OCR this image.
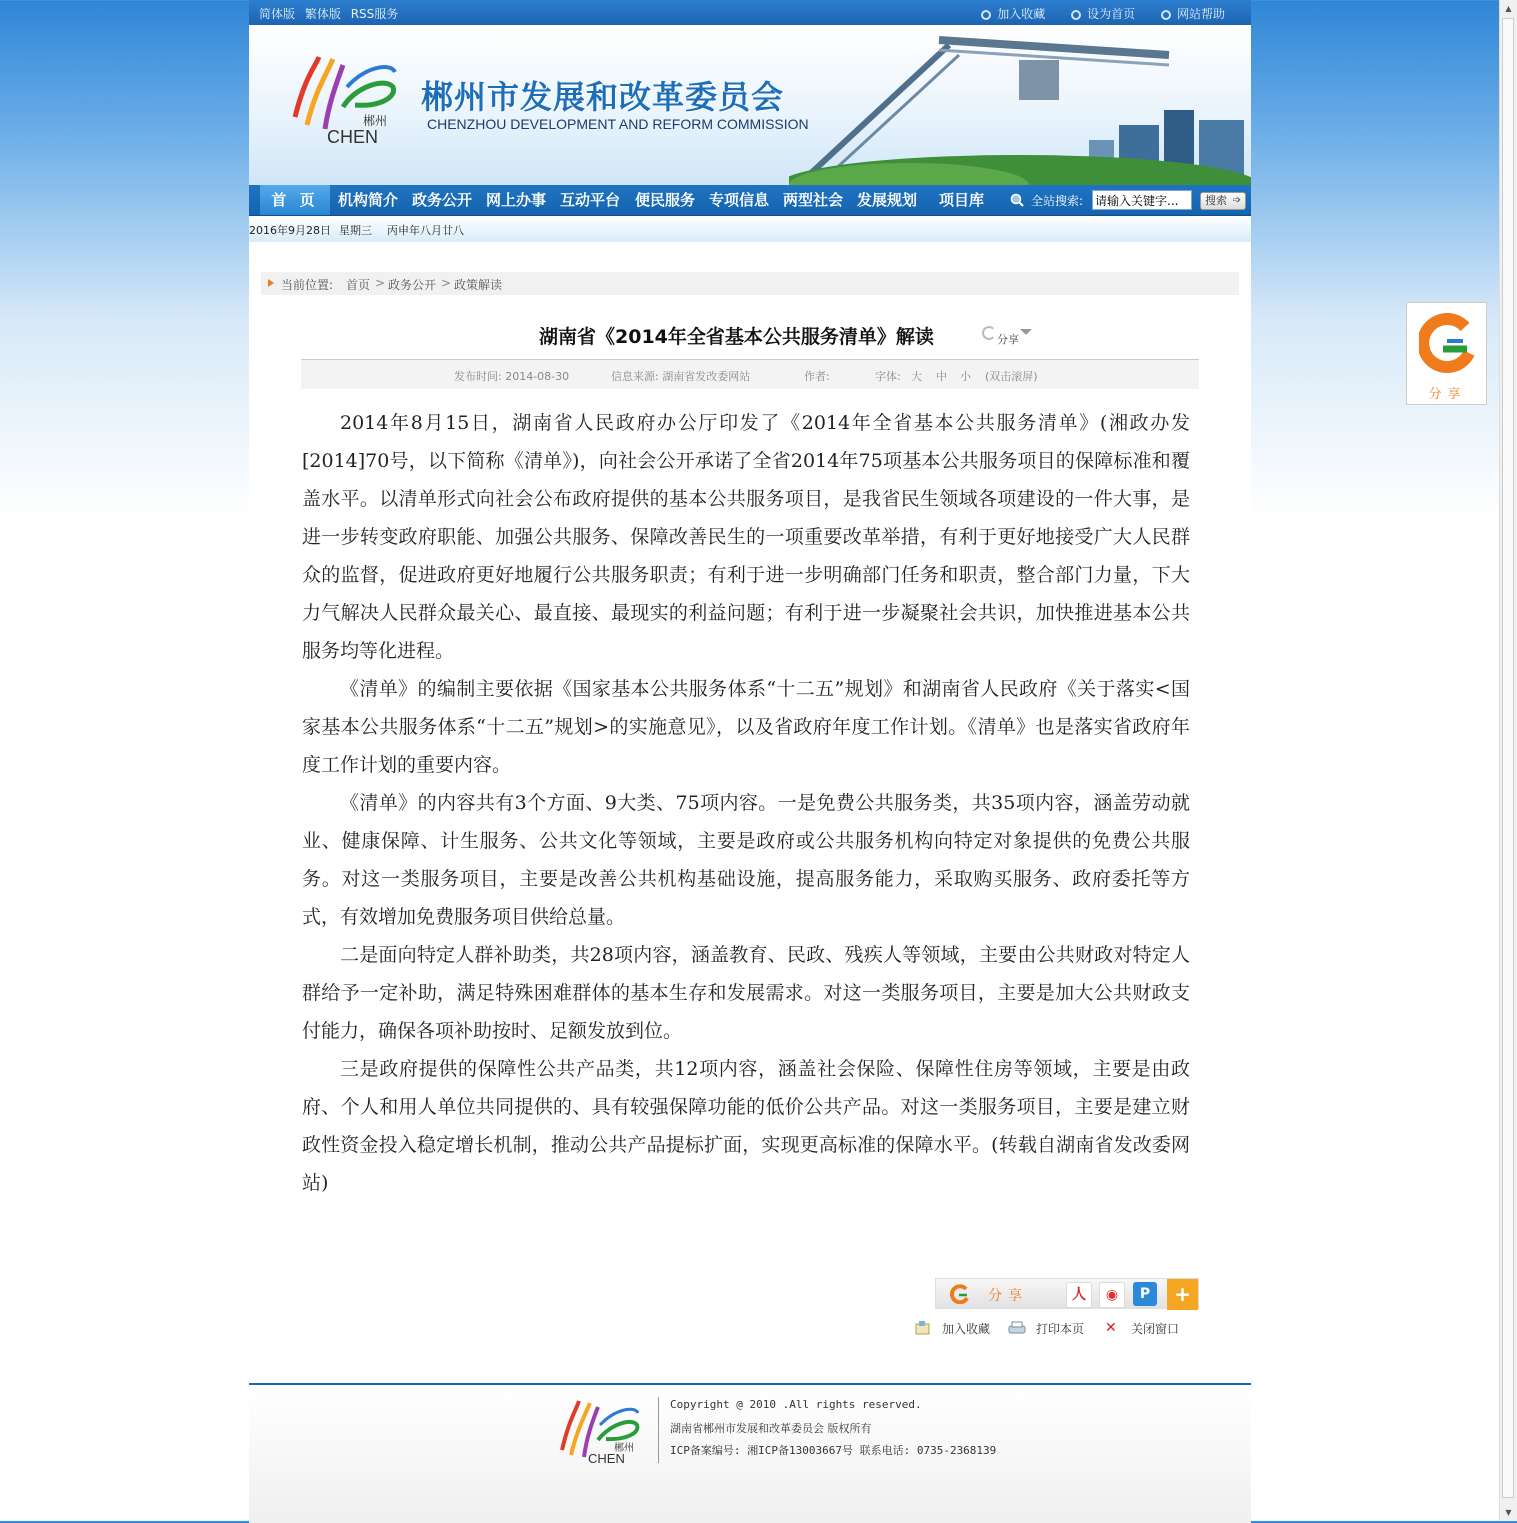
▲
▼
简体版 繁体版 RSS服务	加入收藏	设为首页	网站帮助
郴州
CHEN
郴州市发展和改革委员会
CHENZHOU DEVELOPMENT AND REFORM COMMISSION
首 页	机构简介 政务公开 网上办事 互动平台 便民服务 专项信息 两型社会 发展规划 项目库	全站搜索:
请输入关键字...	搜索 ➩
2016年9月28日 星期三 丙申年八月廿八
当前位置: 首页 > 政务公开 > 政策解读
湖南省《2014年全省基本公共服务清单》解读	分享
发布时间: 2014-08-30	信息来源: 湖南省发改委网站	作者:	字体: 大 中 小 (双击滚屏)

2014年8月15日，湖南省人民政府办公厅印发了《2014年全省基本公共服务清单》(湘政办发[2014]70号，以下简称《清单》)，向社会公开承诺了全省2014年75项基本公共服务项目的保障标准和覆盖水平。以清单形式向社会公布政府提供的基本公共服务项目，是我省民生领域各项建设的一件大事，是进一步转变政府职能、加强公共服务、保障改善民生的一项重要改革举措，有利于更好地接受广大人民群众的监督，促进政府更好地履行公共服务职责；有利于进一步明确部门任务和职责，整合部门力量，下大力气解决人民群众最关心、最直接、最现实的利益问题；有利于进一步凝聚社会共识，加快推进基本公共服务均等化进程。

《清单》的编制主要依据《国家基本公共服务体系“十二五”规划》和湖南省人民政府《关于落实<国家基本公共服务体系“十二五”规划>的实施意见》，以及省政府年度工作计划。《清单》也是落实省政府年度工作计划的重要内容。

《清单》的内容共有3个方面、9大类、75项内容。一是免费公共服务类，共35项内容，涵盖劳动就业、健康保障、计生服务、公共文化等领域，主要是政府或公共服务机构向特定对象提供的免费公共服务。对这一类服务项目，主要是改善公共机构基础设施，提高服务能力，采取购买服务、政府委托等方式，有效增加免费服务项目供给总量。

二是面向特定人群补助类，共28项内容，涵盖教育、民政、残疾人等领域，主要由公共财政对特定人群给予一定补助，满足特殊困难群体的基本生存和发展需求。对这一类服务项目，主要是加大公共财政支付能力，确保各项补助按时、足额发放到位。

三是政府提供的保障性公共产品类，共12项内容，涵盖社会保险、保障性住房等领域，主要是由政府、个人和用人单位共同提供的、具有较强保障功能的低价公共产品。对这一类服务项目，主要是建立财政性资金投入稳定增长机制，推动公共产品提标扩面，实现更高标准的保障水平。(转载自湖南省发改委网站)

分享	人	◉	P	+
加入收藏	打印本页 ✕	关闭窗口
郴州
CHEN
Copyright @ 2010 .All rights reserved.
湖南省郴州市发展和改革委员会 版权所有
ICP备案编号: 湘ICP备13003667号 联系电话: 0735-2368139
分享
